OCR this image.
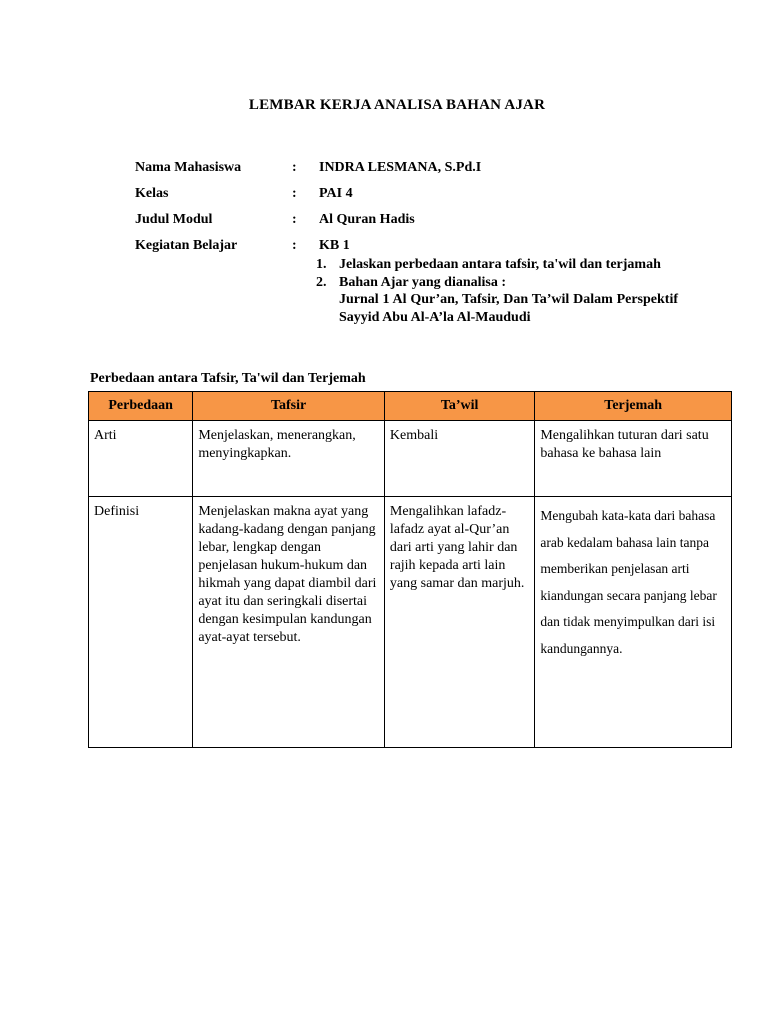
LEMBAR KERJA ANALISA BAHAN AJAR
Nama Mahasiswa	: INDRA LESMANA, S.Pd.I
Kelas	: PAI 4
Judul Modul	: Al Quran Hadis
Kegiatan Belajar	: KB 1
1. Jelaskan perbedaan antara tafsir, ta'wil dan terjamah
2. Bahan Ajar yang dianalisa :
Jurnal 1 Al Qur’an, Tafsir, Dan Ta’wil Dalam Perspektif Sayyid Abu Al-A’la Al-Maududi
Perbedaan antara Tafsir, Ta'wil dan Terjemah
Perbedaan	Tafsir	Ta’wil	Terjemah
Arti	Menjelaskan, menerangkan, menyingkapkan.	Kembali	Mengalihkan tuturan dari satu bahasa ke bahasa lain
Definisi	Menjelaskan makna ayat yang kadang-kadang dengan panjang lebar, lengkap dengan penjelasan hukum-hukum dan hikmah yang dapat diambil dari ayat itu dan seringkali disertai dengan kesimpulan kandungan ayat-ayat tersebut.	Mengalihkan lafadz-lafadz ayat al-Qur’an dari arti yang lahir dan rajih kepada arti lain yang samar dan marjuh.	Mengubah kata-kata dari bahasa arab kedalam bahasa lain tanpa memberikan penjelasan arti kiandungan secara panjang lebar dan tidak menyimpulkan dari isi kandungannya.
